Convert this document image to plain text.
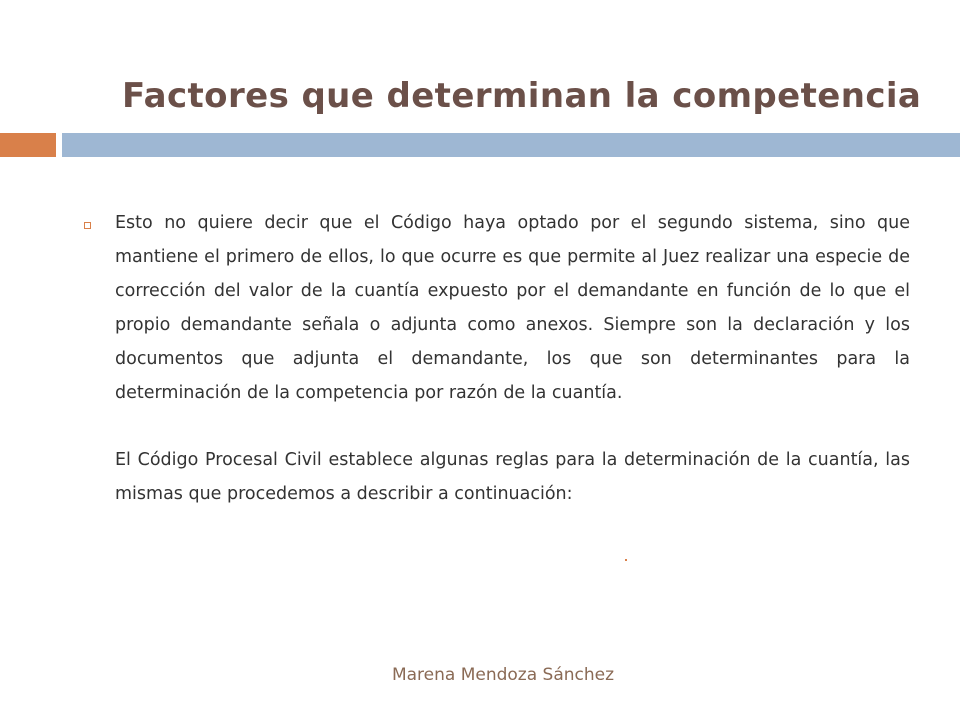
Factores que determinan la competencia

Esto no quiere decir que el Código haya optado por el segundo sistema, sino que mantiene el primero de ellos, lo que ocurre es que permite al Juez realizar una especie de corrección del valor de la cuantía expuesto por el demandante en función de lo que el propio demandante señala o adjunta como anexos. Siempre son la declaración y los documentos que adjunta el demandante, los que son determinantes para la determinación de la competencia por razón de la cuantía.

El Código Procesal Civil establece algunas reglas para la determinación de la cuantía, las mismas que procedemos a describir a continuación:

Marena Mendoza Sánchez
